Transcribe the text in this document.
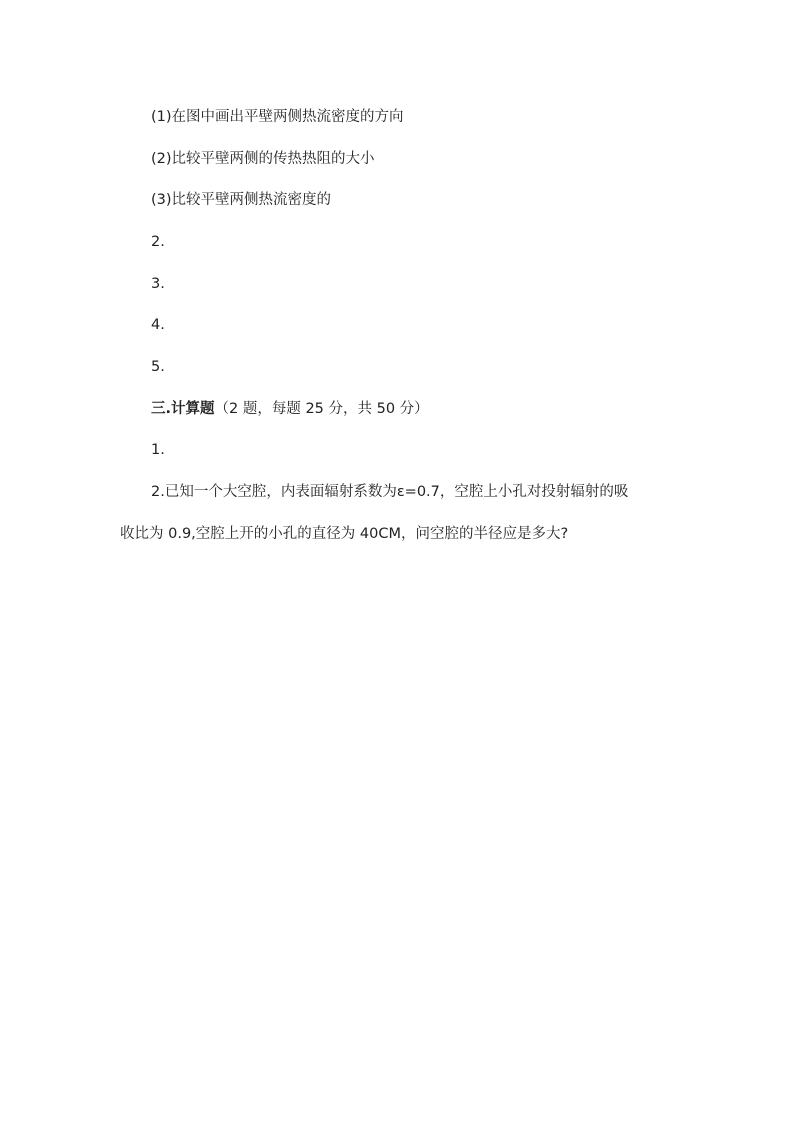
(1)在图中画出平壁两侧热流密度的方向
(2)比较平壁两侧的传热热阻的大小
(3)比较平壁两侧热流密度的
2.
3.
4.
5.
三.计算题（2 题，每题 25 分，共 50 分）
1.
2.已知一个大空腔，内表面辐射系数为ε=0.7，空腔上小孔对投射辐射的吸
收比为 0.9,空腔上开的小孔的直径为 40CM，问空腔的半径应是多大?
